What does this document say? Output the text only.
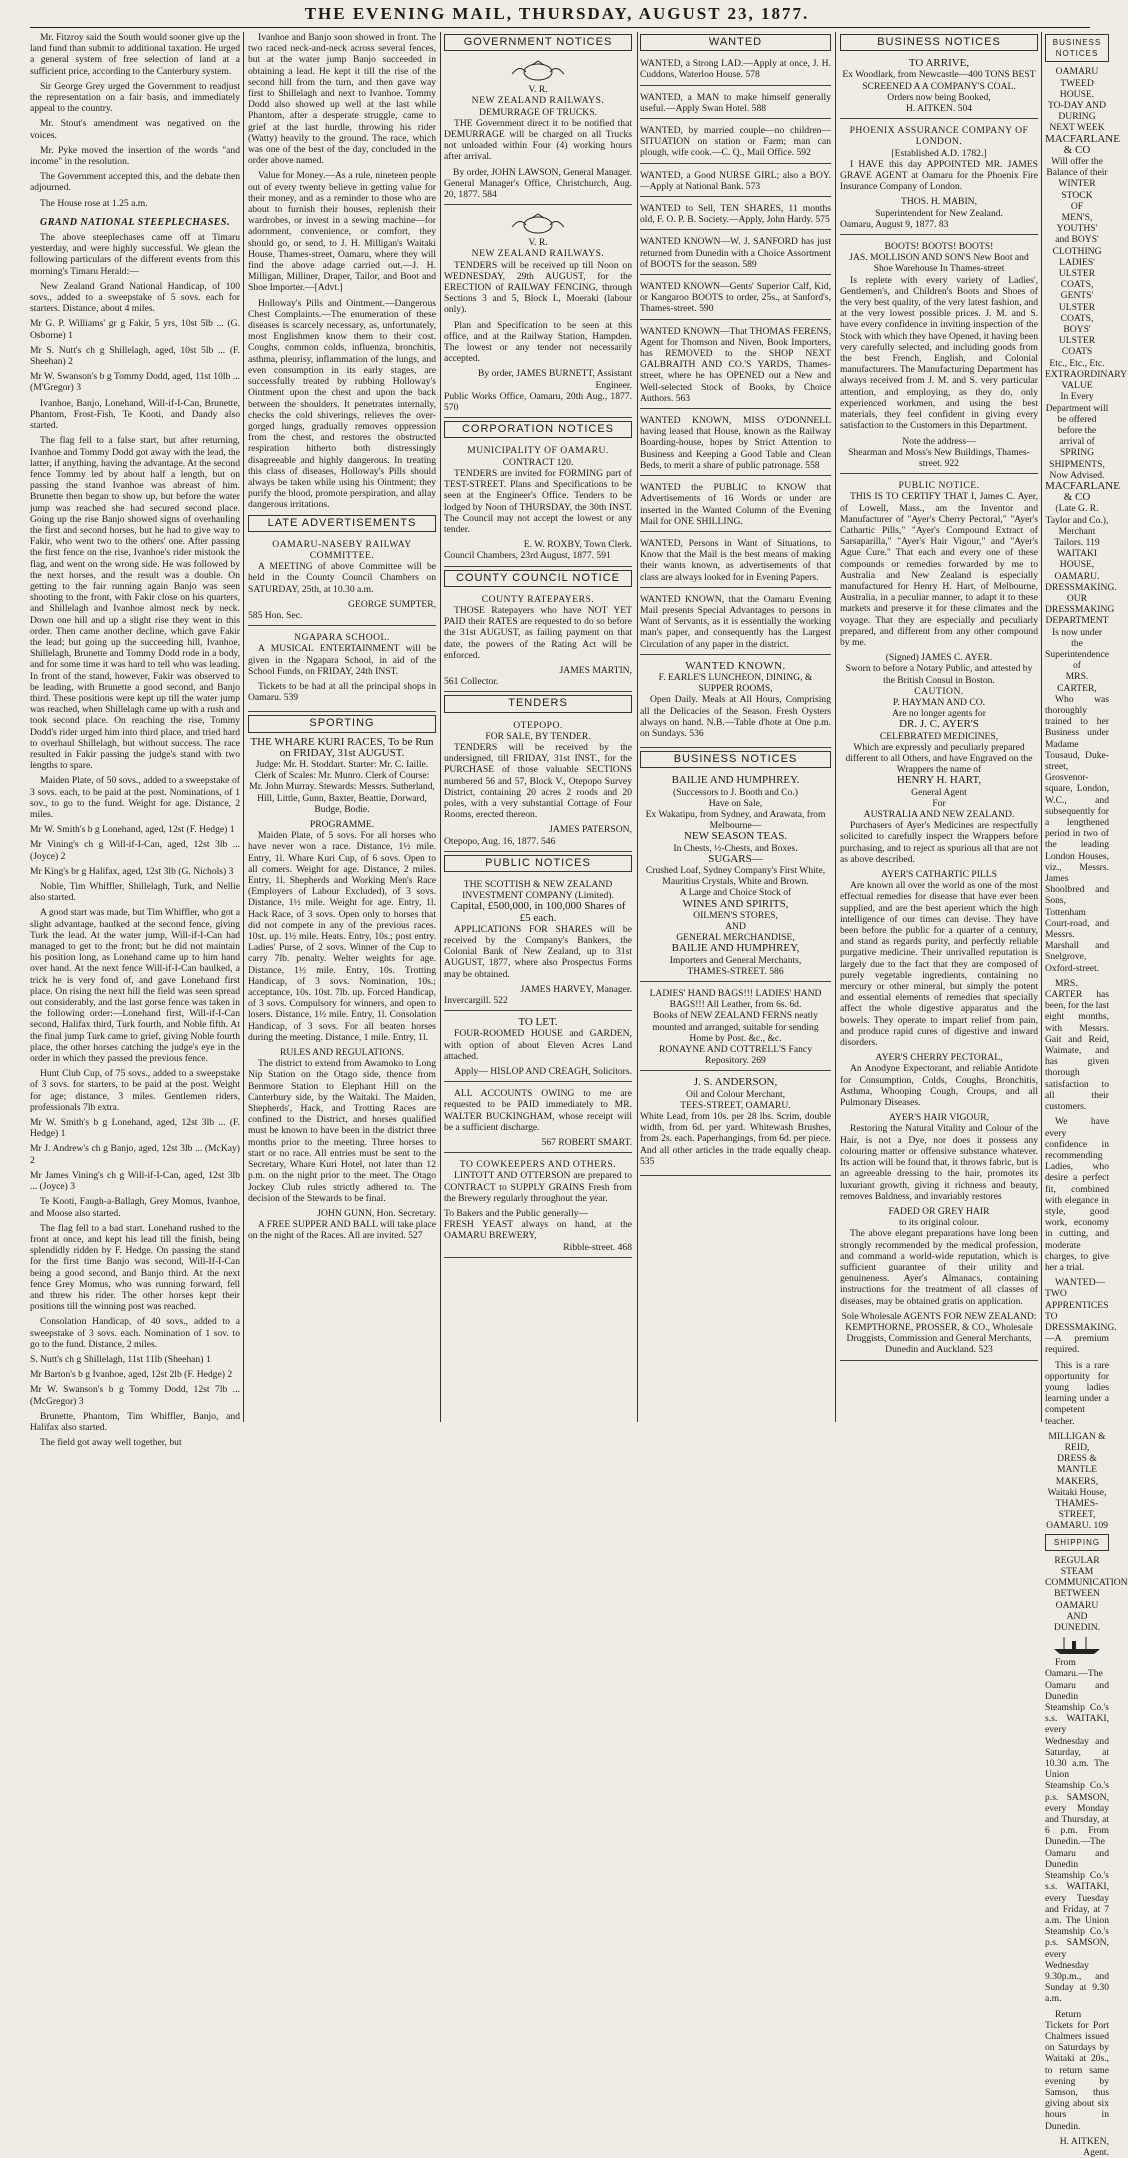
THE EVENING MAIL, THURSDAY, AUGUST 23, 1877.

Mr. Fitzroy said the South would sooner give up the land fund than submit to additional taxation. He urged a general system of free selection of land at a sufficient price, according to the Canterbury system.

Sir George Grey urged the Government to readjust the representation on a fair basis, and immediately appeal to the country.

Mr. Stout's amendment was negatived on the voices.

Mr. Pyke moved the insertion of the words "and income" in the resolution.

The Government accepted this, and the debate then adjourned.

The House rose at 1.25 a.m.

GRAND NATIONAL STEEPLECHASES.

The above steeplechases came off at Timaru yesterday, and were highly successful. We glean the following particulars of the different events from this morning's Timaru Herald:—

New Zealand Grand National Handicap, of 100 sovs., added to a sweepstake of 5 sovs. each for starters. Distance, about 4 miles.

Mr G. P. Williams' gr g Fakir, 5 yrs, 10st 5lb ... (G. Osborne) 1

Mr S. Nutt's ch g Shillelagh, aged, 10st 5lb ... (F. Sheehan) 2

Mr W. Swanson's b g Tommy Dodd, aged, 11st 10lb ... (M'Gregor) 3

Ivanhoe, Banjo, Lonehand, Will-if-I-Can, Brunette, Phantom, Frost-Fish, Te Kooti, and Dandy also started.

The flag fell to a false start, but after returning, Ivanhoe and Tommy Dodd got away with the lead, the latter, if anything, having the advantage. At the second fence Tommy led by about half a length, but on passing the stand Ivanhoe was abreast of him. Brunette then began to show up, but before the water jump was reached she had secured second place. Going up the rise Banjo showed signs of overhauling the first and second horses, but he had to give way to Fakir, who went two to the others' one. After passing the first fence on the rise, Ivanhoe's rider mistook the flag, and went on the wrong side. He was followed by the next horses, and the result was a double. On getting to the fair running again Banjo was seen shooting to the front, with Fakir close on his quarters, and Shillelagh and Ivanhoe almost neck by neck. Down one hill and up a slight rise they went in this order. Then came another decline, which gave Fakir the lead; but going up the succeeding hill, Ivanhoe, Shillelagh, Brunette and Tommy Dodd rode in a body, and for some time it was hard to tell who was leading. In front of the stand, however, Fakir was observed to be leading, with Brunette a good second, and Banjo third. These positions were kept up till the water jump was reached, when Shillelagh came up with a rush and took second place. On reaching the rise, Tommy Dodd's rider urged him into third place, and tried hard to overhaul Shillelagh, but without success. The race resulted in Fakir passing the judge's stand with two lengths to spare.

Maiden Plate, of 50 sovs., added to a sweepstake of 3 sovs. each, to be paid at the post. Nominations, of 1 sov., to go to the fund. Weight for age. Distance, 2 miles.

Mr W. Smith's b g Lonehand, aged, 12st (F. Hedge) 1

Mr Vining's ch g Will-if-I-Can, aged, 12st 3lb ... (Joyce) 2

Mr King's br g Halifax, aged, 12st 3lb (G. Nichols) 3

Noble, Tim Whiffler, Shillelagh, Turk, and Nellie also started.

A good start was made, but Tim Whiffler, who got a slight advantage, baulked at the second fence, giving Turk the lead. At the water jump, Will-if-I-Can had managed to get to the front; but he did not maintain his position long, as Lonehand came up to him hand over hand. At the next fence Will-if-I-Can baulked, a trick he is very fond of, and gave Lonehand first place. On rising the next hill the field was seen spread out considerably, and the last gorse fence was taken in the following order:—Lonehand first, Will-if-I-Can second, Halifax third, Turk fourth, and Noble fifth. At the final jump Turk came to grief, giving Noble fourth place, the other horses catching the judge's eye in the order in which they passed the previous fence.

Hunt Club Cup, of 75 sovs., added to a sweepstake of 3 sovs. for starters, to be paid at the post. Weight for age; distance, 3 miles. Gentlemen riders, professionals 7lb extra.

Mr W. Smith's b g Lonehand, aged, 12st 3lb ... (F. Hedge) 1

Mr J. Andrew's ch g Banjo, aged, 12st 3lb ... (McKay) 2

Mr James Vining's ch g Will-if-I-Can, aged, 12st 3lb ... (Joyce) 3

Te Kooti, Faugh-a-Ballagh, Grey Momus, Ivanhoe, and Moose also started.

The flag fell to a bad start. Lonehand rushed to the front at once, and kept his lead till the finish, being splendidly ridden by F. Hedge. On passing the stand for the first time Banjo was second, Will-If-I-Can being a good second, and Banjo third. At the next fence Grey Momus, who was running forward, fell and threw his rider. The other horses kept their positions till the winning post was reached.

Consolation Handicap, of 40 sovs., added to a sweepstake of 3 sovs. each. Nomination of 1 sov. to go to the fund. Distance, 2 miles.

S. Nutt's ch g Shillelagh, 11st 11lb (Sheehan) 1

Mr Barton's b g Ivanhoe, aged, 12st 2lb (F. Hedge) 2

Mr W. Swanson's b g Tommy Dodd, 12st 7lb ... (McGregor) 3

Brunette, Phantom, Tim Whiffler, Banjo, and Halifax also started.

The field got away well together, but

Ivanhoe and Banjo soon showed in front. The two raced neck-and-neck across several fences, but at the water jump Banjo succeeded in obtaining a lead. He kept it till the rise of the second hill from the turn, and then gave way first to Shillelagh and next to Ivanhoe. Tommy Dodd also showed up well at the last while Phantom, after a desperate struggle, came to grief at the last hurdle, throwing his rider (Watty) heavily to the ground. The race, which was one of the best of the day, concluded in the order above named.

Value for Money.—As a rule, nineteen people out of every twenty believe in getting value for their money, and as a reminder to those who are about to furnish their houses, replenish their wardrobes, or invest in a sewing machine—for adornment, convenience, or comfort, they should go, or send, to J. H. Milligan's Waitaki House, Thames-street, Oamaru, where they will find the above adage carried out.—J. H. Milligan, Milliner, Draper, Tailor, and Boot and Shoe Importer.—[Advt.]

Holloway's Pills and Ointment.—Dangerous Chest Complaints.—The enumeration of these diseases is scarcely necessary, as, unfortunately, most Englishmen know them to their cost. Coughs, common colds, influenza, bronchitis, asthma, pleurisy, inflammation of the lungs, and even consumption in its early stages, are successfully treated by rubbing Holloway's Ointment upon the chest and upon the back between the shoulders. It penetrates internally, checks the cold shiverings, relieves the over-gorged lungs, gradually removes oppression from the chest, and restores the obstructed respiration hitherto both distressingly disagreeable and highly dangerous. In treating this class of diseases, Holloway's Pills should always be taken while using his Ointment; they purify the blood, promote perspiration, and allay dangerous irritations.

LATE ADVERTISEMENTS
OAMARU-NASEBY RAILWAY COMMITTEE.

A MEETING of above Committee will be held in the County Council Chambers on SATURDAY, 25th, at 10.30 a.m.

GEORGE SUMPTER,
585 Hon. Sec.
NGAPARA SCHOOL.

A MUSICAL ENTERTAINMENT will be given in the Ngapara School, in aid of the School Funds, on FRIDAY, 24th INST.

Tickets to be had at all the principal shops in Oamaru. 539

SPORTING
THE WHARE KURI RACES, To be Run on FRIDAY, 31st AUGUST.

Judge: Mr. H. Stoddart. Starter: Mr. C. Iaille. Clerk of Scales: Mr. Munro. Clerk of Course: Mr. John Murray. Stewards: Messrs. Sutherland, Hill, Little, Gunn, Baxter, Beattie, Dorward, Budge, Bodie.

PROGRAMME.

Maiden Plate, of 5 sovs. For all horses who have never won a race. Distance, 1½ mile. Entry, 1l. Whare Kuri Cup, of 6 sovs. Open to all comers. Weight for age. Distance, 2 miles. Entry, 1l. Shepherds and Working Men's Race (Employers of Labour Excluded), of 3 sovs. Distance, 1½ mile. Weight for age. Entry, 1l. Hack Race, of 3 sovs. Open only to horses that did not compete in any of the previous races. 10st. up. 1½ mile. Heats. Entry, 10s.; post entry. Ladies' Purse, of 2 sovs. Winner of the Cup to carry 7lb. penalty. Welter weights for age. Distance, 1½ mile. Entry, 10s. Trotting Handicap, of 3 sovs. Nomination, 10s.; acceptance, 10s. 10st. 7lb. up. Forced Handicap, of 3 sovs. Compulsory for winners, and open to losers. Distance, 1½ mile. Entry, 1l. Consolation Handicap, of 3 sovs. For all beaten horses during the meeting. Distance, 1 mile. Entry, 1l.

RULES AND REGULATIONS.

The district to extend from Awamoko to Long Nip Station on the Otago side, thence from Benmore Station to Elephant Hill on the Canterbury side, by the Waitaki. The Maiden, Shepherds', Hack, and Trotting Races are confined to the District, and horses qualified must be known to have been in the district three months prior to the meeting. Three horses to start or no race. All entries must be sent to the Secretary, Whare Kuri Hotel, not later than 12 p.m. on the night prior to the meet. The Otago Jockey Club rules strictly adhered to. The decision of the Stewards to be final.

JOHN GUNN, Hon. Secretary.

A FREE SUPPER AND BALL will take place on the night of the Races. All are invited. 527

GOVERNMENT NOTICES
V. R.
NEW ZEALAND RAILWAYS.
DEMURRAGE OF TRUCKS.

THE Government direct it to be notified that DEMURRAGE will be charged on all Trucks not unloaded within Four (4) working hours after arrival.

By order, JOHN LAWSON, General Manager.
General Manager's Office, Christchurch, Aug. 20, 1877. 584
V. R.
NEW ZEALAND RAILWAYS.

TENDERS will be received up till Noon on WEDNESDAY, 29th AUGUST, for the ERECTION of RAILWAY FENCING, through Sections 3 and 5, Block I., Moeraki (labour only).

Plan and Specification to be seen at this office, and at the Railway Station, Hampden. The lowest or any tender not necessarily accepted.

By order, JAMES BURNETT, Assistant Engineer.
Public Works Office, Oamaru, 20th Aug., 1877. 570
CORPORATION NOTICES
MUNICIPALITY OF OAMARU.
CONTRACT 120.

TENDERS are invited for FORMING part of TEST-STREET. Plans and Specifications to be seen at the Engineer's Office. Tenders to be lodged by Noon of THURSDAY, the 30th INST. The Council may not accept the lowest or any tender.

E. W. ROXBY, Town Clerk.
Council Chambers, 23rd August, 1877. 591
COUNTY COUNCIL NOTICE
COUNTY RATEPAYERS.

THOSE Ratepayers who have NOT YET PAID their RATES are requested to do so before the 31st AUGUST, as failing payment on that date, the powers of the Rating Act will be enforced.

JAMES MARTIN,
561 Collector.
TENDERS
OTEPOPO.
FOR SALE, BY TENDER.

TENDERS will be received by the undersigned, till FRIDAY, 31st INST., for the PURCHASE of those valuable SECTIONS numbered 56 and 57, Block V., Otepopo Survey District, containing 20 acres 2 roods and 20 poles, with a very substantial Cottage of Four Rooms, erected thereon.

JAMES PATERSON,
Otepopo, Aug. 16, 1877. 546
PUBLIC NOTICES
THE SCOTTISH & NEW ZEALAND INVESTMENT COMPANY (Limited).
Capital, £500,000, in 100,000 Shares of £5 each.

APPLICATIONS FOR SHARES will be received by the Company's Bankers, the Colonial Bank of New Zealand, up to 31st AUGUST, 1877, where also Prospectus Forms may be obtained.

JAMES HARVEY, Manager.
Invercargill. 522
TO LET.

FOUR-ROOMED HOUSE and GARDEN, with option of about Eleven Acres Land attached.

Apply— HISLOP AND CREAGH, Solicitors.

ALL ACCOUNTS OWING to me are requested to be PAID immediately to MR. WALTER BUCKINGHAM, whose receipt will be a sufficient discharge.

567 ROBERT SMART.
TO COWKEEPERS AND OTHERS.

LINTOTT AND OTTERSON are prepared to CONTRACT to SUPPLY GRAINS Fresh from the Brewery regularly throughout the year.

To Bakers and the Public generally—
FRESH YEAST always on hand, at the OAMARU BREWERY,
Ribble-street. 468
WANTED
WANTED, a Strong LAD.—Apply at once, J. H. Cuddons, Waterloo House. 578
WANTED, a MAN to make himself generally useful.—Apply Swan Hotel. 588
WANTED, by married couple—no children—SITUATION on station or Farm; man can plough, wife cook.—C. Q., Mail Office. 592
WANTED, a Good NURSE GIRL; also a BOY.—Apply at National Bank. 573
WANTED to Sell, TEN SHARES, 11 months old, F. O. P. B. Society.—Apply, John Hardy. 575
WANTED KNOWN—W. J. SANFORD has just returned from Dunedin with a Choice Assortment of BOOTS for the season. 589
WANTED KNOWN—Gents' Superior Calf, Kid, or Kangaroo BOOTS to order, 25s., at Sanford's, Thames-street. 590
WANTED KNOWN—That THOMAS FERENS, Agent for Thomson and Niven, Book Importers, has REMOVED to the SHOP NEXT GALBRAITH AND CO.'S YARDS, Thames-street, where he has OPENED out a New and Well-selected Stock of Books, by Choice Authors. 563
WANTED KNOWN, MISS O'DONNELL having leased that House, known as the Railway Boarding-house, hopes by Strict Attention to Business and Keeping a Good Table and Clean Beds, to merit a share of public patronage. 558
WANTED the PUBLIC to KNOW that Advertisements of 16 Words or under are inserted in the Wanted Column of the Evening Mail for ONE SHILLING.
WANTED, Persons in Want of Situations, to Know that the Mail is the best means of making their wants known, as advertisements of that class are always looked for in Evening Papers.
WANTED KNOWN, that the Oamaru Evening Mail presents Special Advantages to persons in Want of Servants, as it is essentially the working man's paper, and consequently has the Largest Circulation of any paper in the district.
WANTED KNOWN.
F. EARLE'S LUNCHEON, DINING, & SUPPER ROOMS,

Open Daily. Meals at All Hours, Comprising all the Delicacies of the Season. Fresh Oysters always on hand. N.B.—Table d'hote at One p.m. on Sundays. 536

BUSINESS NOTICES
BAILIE AND HUMPHREY.
(Successors to J. Booth and Co.)
Have on Sale,
Ex Wakatipu, from Sydney, and Arawata, from Melbourne—
NEW SEASON TEAS.
In Chests, ½-Chests, and Boxes.
SUGARS—
Crushed Loaf, Sydney Company's First White, Mauritius Crystals, White and Brown.
A Large and Choice Stock of
WINES AND SPIRITS,
OILMEN'S STORES,
AND
GENERAL MERCHANDISE,
BAILIE AND HUMPHREY,
Importers and General Merchants,
THAMES-STREET. 586
LADIES' HAND BAGS!!! LADIES' HAND BAGS!!! All Leather, from 6s. 6d.
Books of NEW ZEALAND FERNS neatly mounted and arranged, suitable for sending Home by Post. &c., &c.
RONAYNE AND COTTRELL'S Fancy Repository. 269
J. S. ANDERSON,
Oil and Colour Merchant,
TEES-STREET, OAMARU.

White Lead, from 10s. per 28 lbs. Scrim, double width, from 6d. per yard. Whitewash Brushes, from 2s. each. Paperhangings, from 6d. per piece. And all other articles in the trade equally cheap. 535

BUSINESS NOTICES
TO ARRIVE,
Ex Woodlark, from Newcastle—400 TONS BEST SCREENED A A COMPANY'S COAL.
Orders now being Booked,
H. AITKEN. 504
PHOENIX ASSURANCE COMPANY OF LONDON.
[Established A.D. 1782.]

I HAVE this day APPOINTED MR. JAMES GRAVE AGENT at Oamaru for the Phoenix Fire Insurance Company of London.

THOS. H. MABIN,
Superintendent for New Zealand.
Oamaru, August 9, 1877. 83
BOOTS! BOOTS! BOOTS!
JAS. MOLLISON AND SON'S New Boot and Shoe Warehouse In Thames-street

Is replete with every variety of Ladies', Gentlemen's, and Children's Boots and Shoes of the very best quality, of the very latest fashion, and at the very lowest possible prices. J. M. and S. have every confidence in inviting inspection of the Stock with which they have Opened, it having been very carefully selected, and including goods from the best French, English, and Colonial manufacturers. The Manufacturing Department has always received from J. M. and S. very particular attention, and employing, as they do, only experienced workmen, and using the best materials, they feel confident in giving every satisfaction to the Customers in this Department.

Note the address—
Shearman and Moss's New Buildings, Thames-street. 922
PUBLIC NOTICE.

THIS IS TO CERTIFY THAT I, James C. Ayer, of Lowell, Mass., am the Inventor and Manufacturer of "Ayer's Cherry Pectoral," "Ayer's Cathartic Pills," "Ayer's Compound Extract of Sarsaparilla," "Ayer's Hair Vigour," and "Ayer's Ague Cure." That each and every one of these compounds or remedies forwarded by me to Australia and New Zealand is especially manufactured for Henry H. Hart, of Melbourne, Australia, in a peculiar manner, to adapt it to these markets and preserve it for these climates and the voyage. That they are especially and peculiarly prepared, and different from any other compound by me.

(Signed) JAMES C. AYER.
Sworn to before a Notary Public, and attested by the British Consul in Boston.
CAUTION.
P. HAYMAN AND CO.
Are no longer agents for
DR. J. C. AYER'S
CELEBRATED MEDICINES,
Which are expressly and peculiarly prepared different to all Others, and have Engraved on the Wrappers the name of
HENRY H. HART,
General Agent
For
AUSTRALIA AND NEW ZEALAND.

Purchasers of Ayer's Medicines are respectfully solicited to carefully inspect the Wrappers before purchasing, and to reject as spurious all that are not as above described.

AYER'S CATHARTIC PILLS

Are known all over the world as one of the most effectual remedies for disease that have ever been supplied, and are the best aperient which the high intelligence of our times can devise. They have been before the public for a quarter of a century, and stand as regards purity, and perfectly reliable purgative medicine. Their unrivalled reputation is largely due to the fact that they are composed of purely vegetable ingredients, containing no mercury or other mineral, but simply the potent and essential elements of remedies that specially affect the whole digestive apparatus and the bowels. They operate to impart relief from pain, and produce rapid cures of digestive and inward disorders.

AYER'S CHERRY PECTORAL,

An Anodyne Expectorant, and reliable Antidote for Consumption, Colds, Coughs, Bronchitis, Asthma, Whooping Cough, Croups, and all Pulmonary Diseases.

AYER'S HAIR VIGOUR,

Restoring the Natural Vitality and Colour of the Hair, is not a Dye, nor does it possess any colouring matter or offensive substance whatever. Its action will be found that, it throws fabric, but is an agreeable dressing to the hair, promotes its luxuriant growth, giving it richness and beauty, removes Baldness, and invariably restores

FADED OR GREY HAIR
to its original colour.

The above elegant preparations have long been strongly recommended by the medical profession, and command a world-wide reputation, which is sufficient guarantee of their utility and genuineness. Ayer's Almanacs, containing instructions for the treatment of all classes of diseases, may be obtained gratis on application.

Sole Wholesale AGENTS FOR NEW ZEALAND:
KEMPTHORNE, PROSSER, & CO., Wholesale Druggists, Commission and General Merchants, Dunedin and Auckland. 523
BUSINESS NOTICES
OAMARU TWEED HOUSE.
TO-DAY AND DURING NEXT WEEK
MACFARLANE & CO
Will offer the Balance of their
WINTER STOCK
OF
MEN'S,
YOUTHS'
and BOYS' CLOTHING
LADIES' ULSTER COATS,
GENTS' ULSTER COATS,
BOYS' ULSTER COATS
Etc., Etc., Etc.
EXTRAORDINARY VALUE
In Every Department will be offered before the arrival of
SPRING SHIPMENTS,
Now Advised.
MACFARLANE & CO
(Late G. R. Taylor and Co.),
Merchant Tailors. 119
WAITAKI HOUSE, OAMARU.
DRESSMAKING.
OUR DRESSMAKING DEPARTMENT
Is now under the Superintendence of
MRS. CARTER,

Who was thoroughly trained to her Business under Madame Tousaud, Duke-street, Grosvenor-square, London, W.C., and subsequently for a lengthened period in two of the leading London Houses, viz., Messrs. James Shoolbred and Sons, Tottenham Court-road, and Messrs. Marshall and Snelgrove, Oxford-street.

MRS. CARTER has been, for the last eight months, with Messrs. Gait and Reid, Waimate, and has given thorough satisfaction to all their customers.

We have every confidence in recommending Ladies, who desire a perfect fit, combined with elegance in style, good work, economy in cutting, and moderate charges, to give her a trial.

WANTED—TWO APPRENTICES TO DRESSMAKING.—A premium required.

This is a rare opportunity for young ladies learning under a competent teacher.

MILLIGAN & REID,
DRESS & MANTLE MAKERS,
Waitaki House,
THAMES-STREET, OAMARU. 109
SHIPPING
REGULAR STEAM COMMUNICATION BETWEEN OAMARU AND DUNEDIN.

From Oamaru.—The Oamaru and Dunedin Steamship Co.'s s.s. WAITAKI, every Wednesday and Saturday, at 10.30 a.m. The Union Steamship Co.'s p.s. SAMSON, every Monday and Thursday, at 6 p.m. From Dunedin.—The Oamaru and Dunedin Steamship Co.'s s.s. WAITAKI, every Tuesday and Friday, at 7 a.m. The Union Steamship Co.'s p.s. SAMSON, every Wednesday 9.30p.m., and Sunday at 9.30 a.m.

Return Tickets for Port Chalmers issued on Saturdays by Waitaki at 20s., to return same evening by Samson, thus giving about six hours in Dunedin.

H. AITKEN,
Agent.
